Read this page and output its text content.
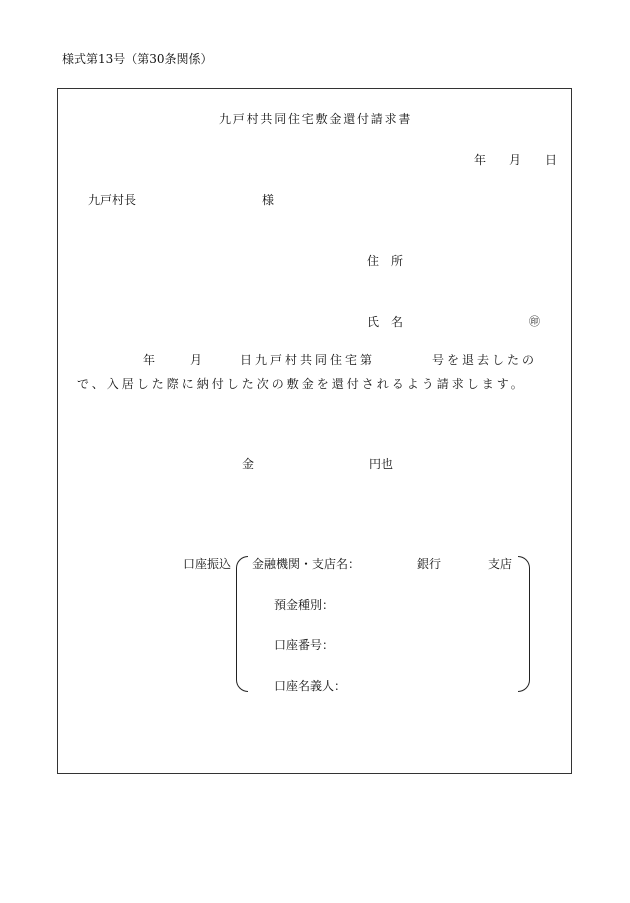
様式第13号（第30条関係）
九戸村共同住宅敷金還付請求書
年 月 日
九戸村長	様
住　所
氏　名	㊞
年	月	日九戸村共同住宅第	号を退去したの
で、入居した際に納付した次の敷金を還付されるよう請求します。
金	円也
口座振込 金融機関・支店名：	銀行	支店
預金種別：
口座番号：
口座名義人：
